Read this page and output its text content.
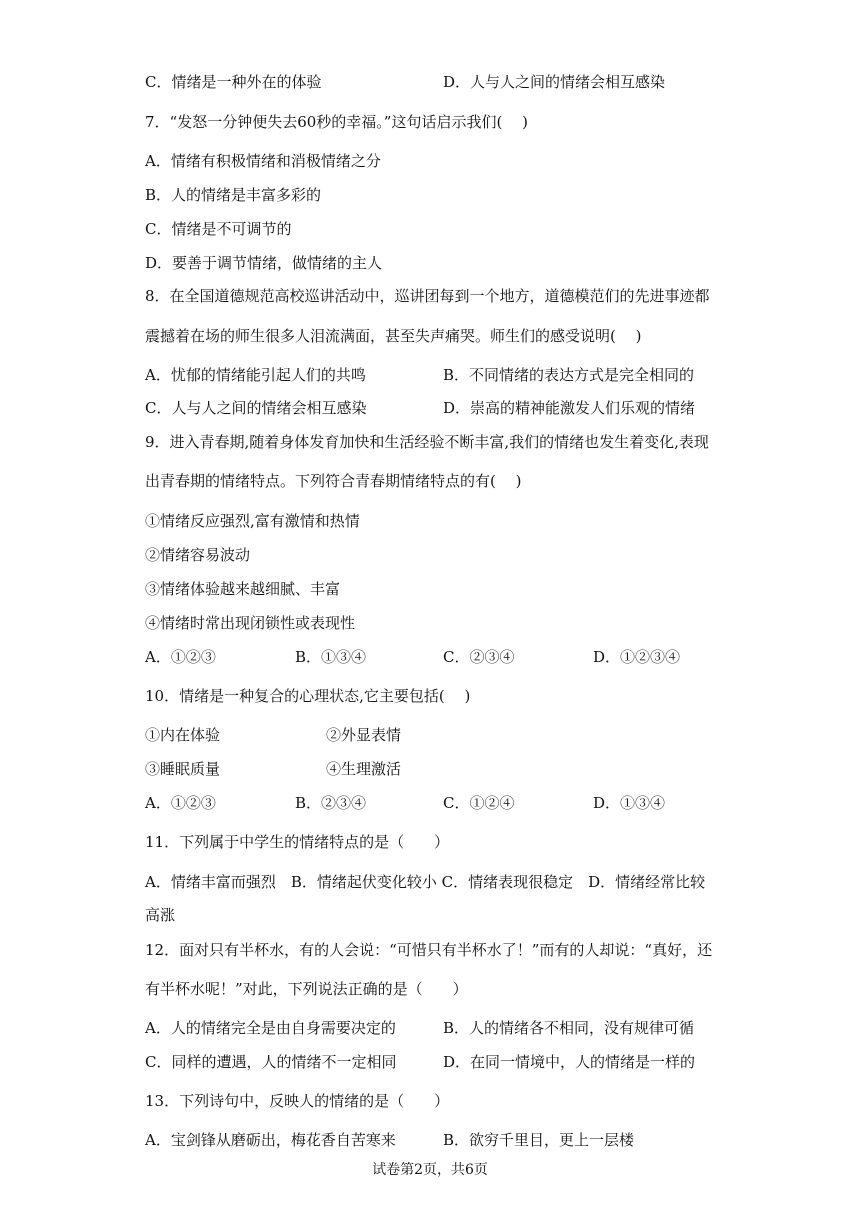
C．情绪是一种外在的体验	D．人与人之间的情绪会相互感染
7．“发怒一分钟便失去60秒的幸福。”这句话启示我们(　 )
A．情绪有积极情绪和消极情绪之分
B．人的情绪是丰富多彩的
C．情绪是不可调节的
D．要善于调节情绪，做情绪的主人
8．在全国道德规范高校巡讲活动中，巡讲团每到一个地方，道德模范们的先进事迹都
震撼着在场的师生很多人泪流满面，甚至失声痛哭。师生们的感受说明(　 )
A．忧郁的情绪能引起人们的共鸣	B．不同情绪的表达方式是完全相同的
C．人与人之间的情绪会相互感染	D．崇高的精神能激发人们乐观的情绪
9．进入青春期,随着身体发育加快和生活经验不断丰富,我们的情绪也发生着变化,表现
出青春期的情绪特点。下列符合青春期情绪特点的有(　 )
①情绪反应强烈,富有激情和热情
②情绪容易波动
③情绪体验越来越细腻、丰富
④情绪时常出现闭锁性或表现性
A．①②③	B．①③④	C．②③④	D．①②③④
10．情绪是一种复合的心理状态,它主要包括(　 )
①内在体验	②外显表情
③睡眠质量	④生理激活
A．①②③	B．②③④	C．①②④	D．①③④
11．下列属于中学生的情绪特点的是（　　）
A．情绪丰富而强烈　B．情绪起伏变化较小 C．情绪表现很稳定　D．情绪经常比较
高涨
12．面对只有半杯水，有的人会说：“可惜只有半杯水了！”而有的人却说：“真好，还
有半杯水呢！”对此，下列说法正确的是（　　）
A．人的情绪完全是由自身需要决定的	B．人的情绪各不相同，没有规律可循
C．同样的遭遇，人的情绪不一定相同	D．在同一情境中，人的情绪是一样的
13．下列诗句中，反映人的情绪的是（　　）
A．宝剑锋从磨砺出，梅花香自苦寒来	B．欲穷千里目，更上一层楼
试卷第2页，共6页
